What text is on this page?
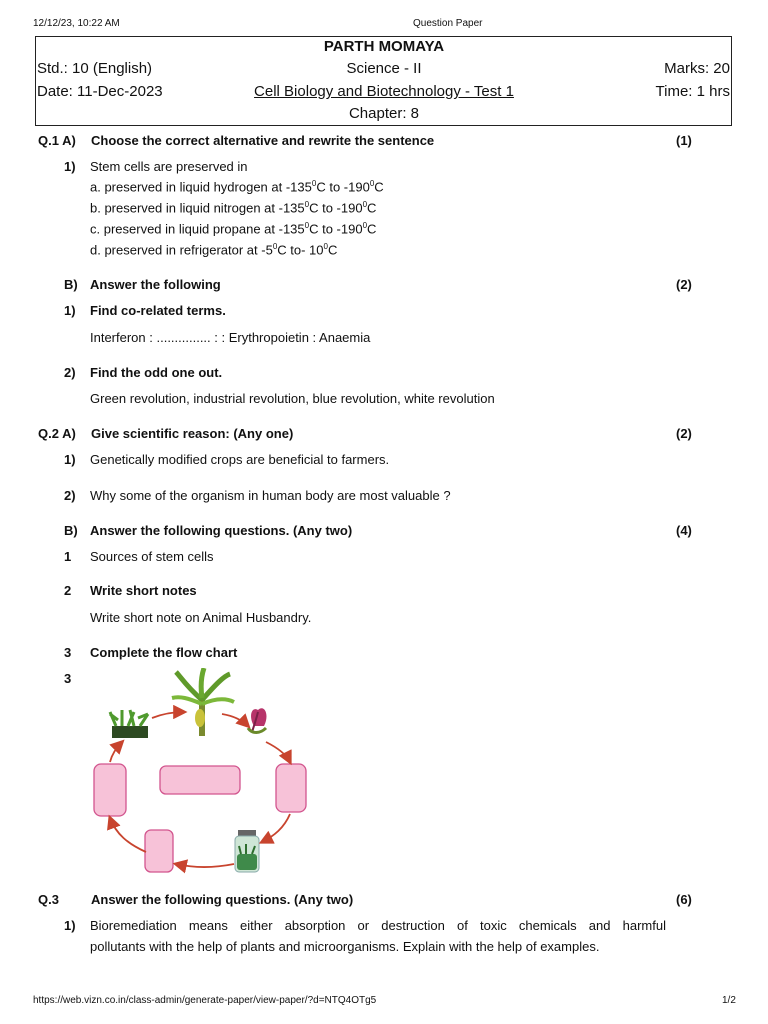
12/12/23, 10:22 AM	Question Paper
https://web.vizn.co.in/class-admin/generate-paper/view-paper/?d=NTQ4OTg5	1/2
PARTH MOMAYA
Std.: 10 (English)	Science - II	Marks: 20
Date: 11-Dec-2023	Cell Biology and Biotechnology - Test 1	Time: 1 hrs
Chapter: 8
Q.1 A) Choose the correct alternative and rewrite the sentence	(1)
1) Stem cells are preserved in
a. preserved in liquid hydrogen at $-135^0C$ to $-190^0C$
b. preserved in liquid nitrogen at $-135^0C$ to $-190^0C$
c. preserved in liquid propane at $-135^0C$ to $-190^0C$
d. preserved in refrigerator at $-5^0C$ to- $10^0C$
B) Answer the following	(2)
1) Find co-related terms.
Interferon : ............... : : Erythropoietin : Anaemia
2) Find the odd one out.
Green revolution, industrial revolution, blue revolution, white revolution
Q.2 A) Give scientific reason: (Any one)	(2)
1) Genetically modified crops are beneficial to farmers.
2) Why some of the organism in human body are most valuable ?
B) Answer the following questions. (Any two)	(4)
1 Sources of stem cells
2 Write short notes
Write short note on Animal Husbandry.
3 Complete the flow chart
3
Q.3 Answer the following questions. (Any two)	(6)
1) Bioremediation means either absorption or destruction of toxic chemicals and harmful
pollutants with the help of plants and microorganisms. Explain with the help of examples.
